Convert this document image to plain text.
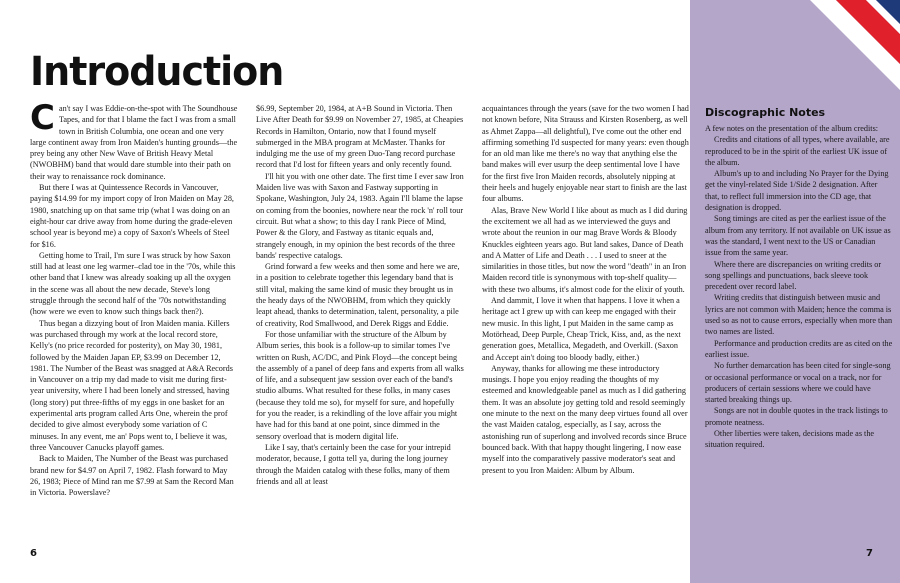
Introduction

Can't say I was Eddie-on-the-spot with The Soundhouse Tapes, and for that I blame the fact I was from a small town in British Columbia, one ocean and one very large continent away from Iron Maiden's hunting grounds—the prey being any other New Wave of British Heavy Metal (NWOBHM) band that would dare stumble into their path on their way to renaissance rock dominance.

But there I was at Quintessence Records in Vancouver, paying $14.99 for my import copy of Iron Maiden on May 28, 1980, snatching up on that same trip (what I was doing on an eight-hour car drive away from home during the grade-eleven school year is beyond me) a copy of Saxon's Wheels of Steel for $16.

Getting home to Trail, I'm sure I was struck by how Saxon still had at least one leg warmer–clad toe in the '70s, while this other band that I knew was already soaking up all the oxygen in the scene was all about the new decade, Steve's long struggle through the second half of the '70s notwithstanding (how were we even to know such things back then?).

Thus began a dizzying bout of Iron Maiden mania. Killers was purchased through my work at the local record store, Kelly's (no price recorded for posterity), on May 30, 1981, followed by the Maiden Japan EP, $3.99 on December 12, 1981. The Number of the Beast was snagged at A&A Records in Vancouver on a trip my dad made to visit me during first-year university, where I had been lonely and stressed, having (long story) put three-fifths of my eggs in one basket for an experimental arts program called Arts One, wherein the prof decided to give almost everybody some variation of C minuses. In any event, me an' Pops went to, I believe it was, three Vancouver Canucks playoff games.

Back to Maiden, The Number of the Beast was purchased brand new for $4.97 on April 7, 1982. Flash forward to May 26, 1983; Piece of Mind ran me $7.99 at Sam the Record Man in Victoria. Powerslave?

$6.99, September 20, 1984, at A+B Sound in Victoria. Then Live After Death for $9.99 on November 27, 1985, at Cheapies Records in Hamilton, Ontario, now that I found myself submerged in the MBA program at McMaster. Thanks for indulging me the use of my green Duo-Tang record purchase record that I'd lost for fifteen years and only recently found.

I'll hit you with one other date. The first time I ever saw Iron Maiden live was with Saxon and Fastway supporting in Spokane, Washington, July 24, 1983. Again I'll blame the lapse on coming from the boonies, nowhere near the rock 'n' roll tour circuit. But what a show; to this day I rank Piece of Mind, Power & the Glory, and Fastway as titanic equals and, strangely enough, in my opinion the best records of the three bands' respective catalogs.

Grind forward a few weeks and then some and here we are, in a position to celebrate together this legendary band that is still vital, making the same kind of music they brought us in the heady days of the NWOBHM, from which they quickly leapt ahead, thanks to determination, talent, personality, a pile of creativity, Rod Smallwood, and Derek Riggs and Eddie.

For those unfamiliar with the structure of the Album by Album series, this book is a follow-up to similar tomes I've written on Rush, AC/DC, and Pink Floyd—the concept being the assembly of a panel of deep fans and experts from all walks of life, and a subsequent jaw session over each of the band's studio albums. What resulted for these folks, in many cases (because they told me so), for myself for sure, and hopefully for you the reader, is a rekindling of the love affair you might have had for this band at one point, since dimmed in the sensory overload that is modern digital life.

Like I say, that's certainly been the case for your intrepid moderator, because, I gotta tell ya, during the long journey through the Maiden catalog with these folks, many of them friends and all at least

acquaintances through the years (save for the two women I had not known before, Nita Strauss and Kirsten Rosenberg, as well as Ahmet Zappa—all delightful), I've come out the other end affirming something I'd suspected for many years: even though for an old man like me there's no way that anything else the band makes will ever usurp the deep sentimental love I have for the first five Iron Maiden records, absolutely nipping at their heels and hugely enjoyable near start to finish are the last four albums.

Alas, Brave New World I like about as much as I did during the excitement we all had as we interviewed the guys and wrote about the reunion in our mag Brave Words & Bloody Knuckles eighteen years ago. But land sakes, Dance of Death and A Matter of Life and Death . . . I used to sneer at the similarities in those titles, but now the word "death" in an Iron Maiden record title is synonymous with top-shelf quality—with these two albums, it's almost code for the elixir of youth.

And dammit, I love it when that happens. I love it when a heritage act I grew up with can keep me engaged with their new music. In this light, I put Maiden in the same camp as Motörhead, Deep Purple, Cheap Trick, Kiss, and, as the next generation goes, Metallica, Megadeth, and Overkill. (Saxon and Accept ain't doing too bloody badly, either.)

Anyway, thanks for allowing me these introductory musings. I hope you enjoy reading the thoughts of my esteemed and knowledgeable panel as much as I did gathering them. It was an absolute joy getting told and resold seemingly one minute to the next on the many deep virtues found all over the vast Maiden catalog, especially, as I say, across the astonishing run of superlong and involved records since Bruce bounced back. With that happy thought lingering, I now ease myself into the comparatively passive moderator's seat and present to you Iron Maiden: Album by Album.

Discographic Notes

A few notes on the presentation of the album credits:

Credits and citations of all types, where available, are reproduced to be in the spirit of the earliest UK issue of the album.

Album's up to and including No Prayer for the Dying get the vinyl-related Side 1/Side 2 designation. After that, to reflect full immersion into the CD age, that designation is dropped.

Song timings are cited as per the earliest issue of the album from any territory. If not available on UK issue as was the standard, I went next to the US or Canadian issue from the same year.

Where there are discrepancies on writing credits or song spellings and punctuations, back sleeve took precedent over record label.

Writing credits that distinguish between music and lyrics are not common with Maiden; hence the comma is used so as not to cause errors, especially when more than two names are listed.

Performance and production credits are as cited on the earliest issue.

No further demarcation has been cited for single-song or occasional performance or vocal on a track, nor for producers of certain sessions where we could have started breaking things up.

Songs are not in double quotes in the track listings to promote neatness.

Other liberties were taken, decisions made as the situation required.

6	7
